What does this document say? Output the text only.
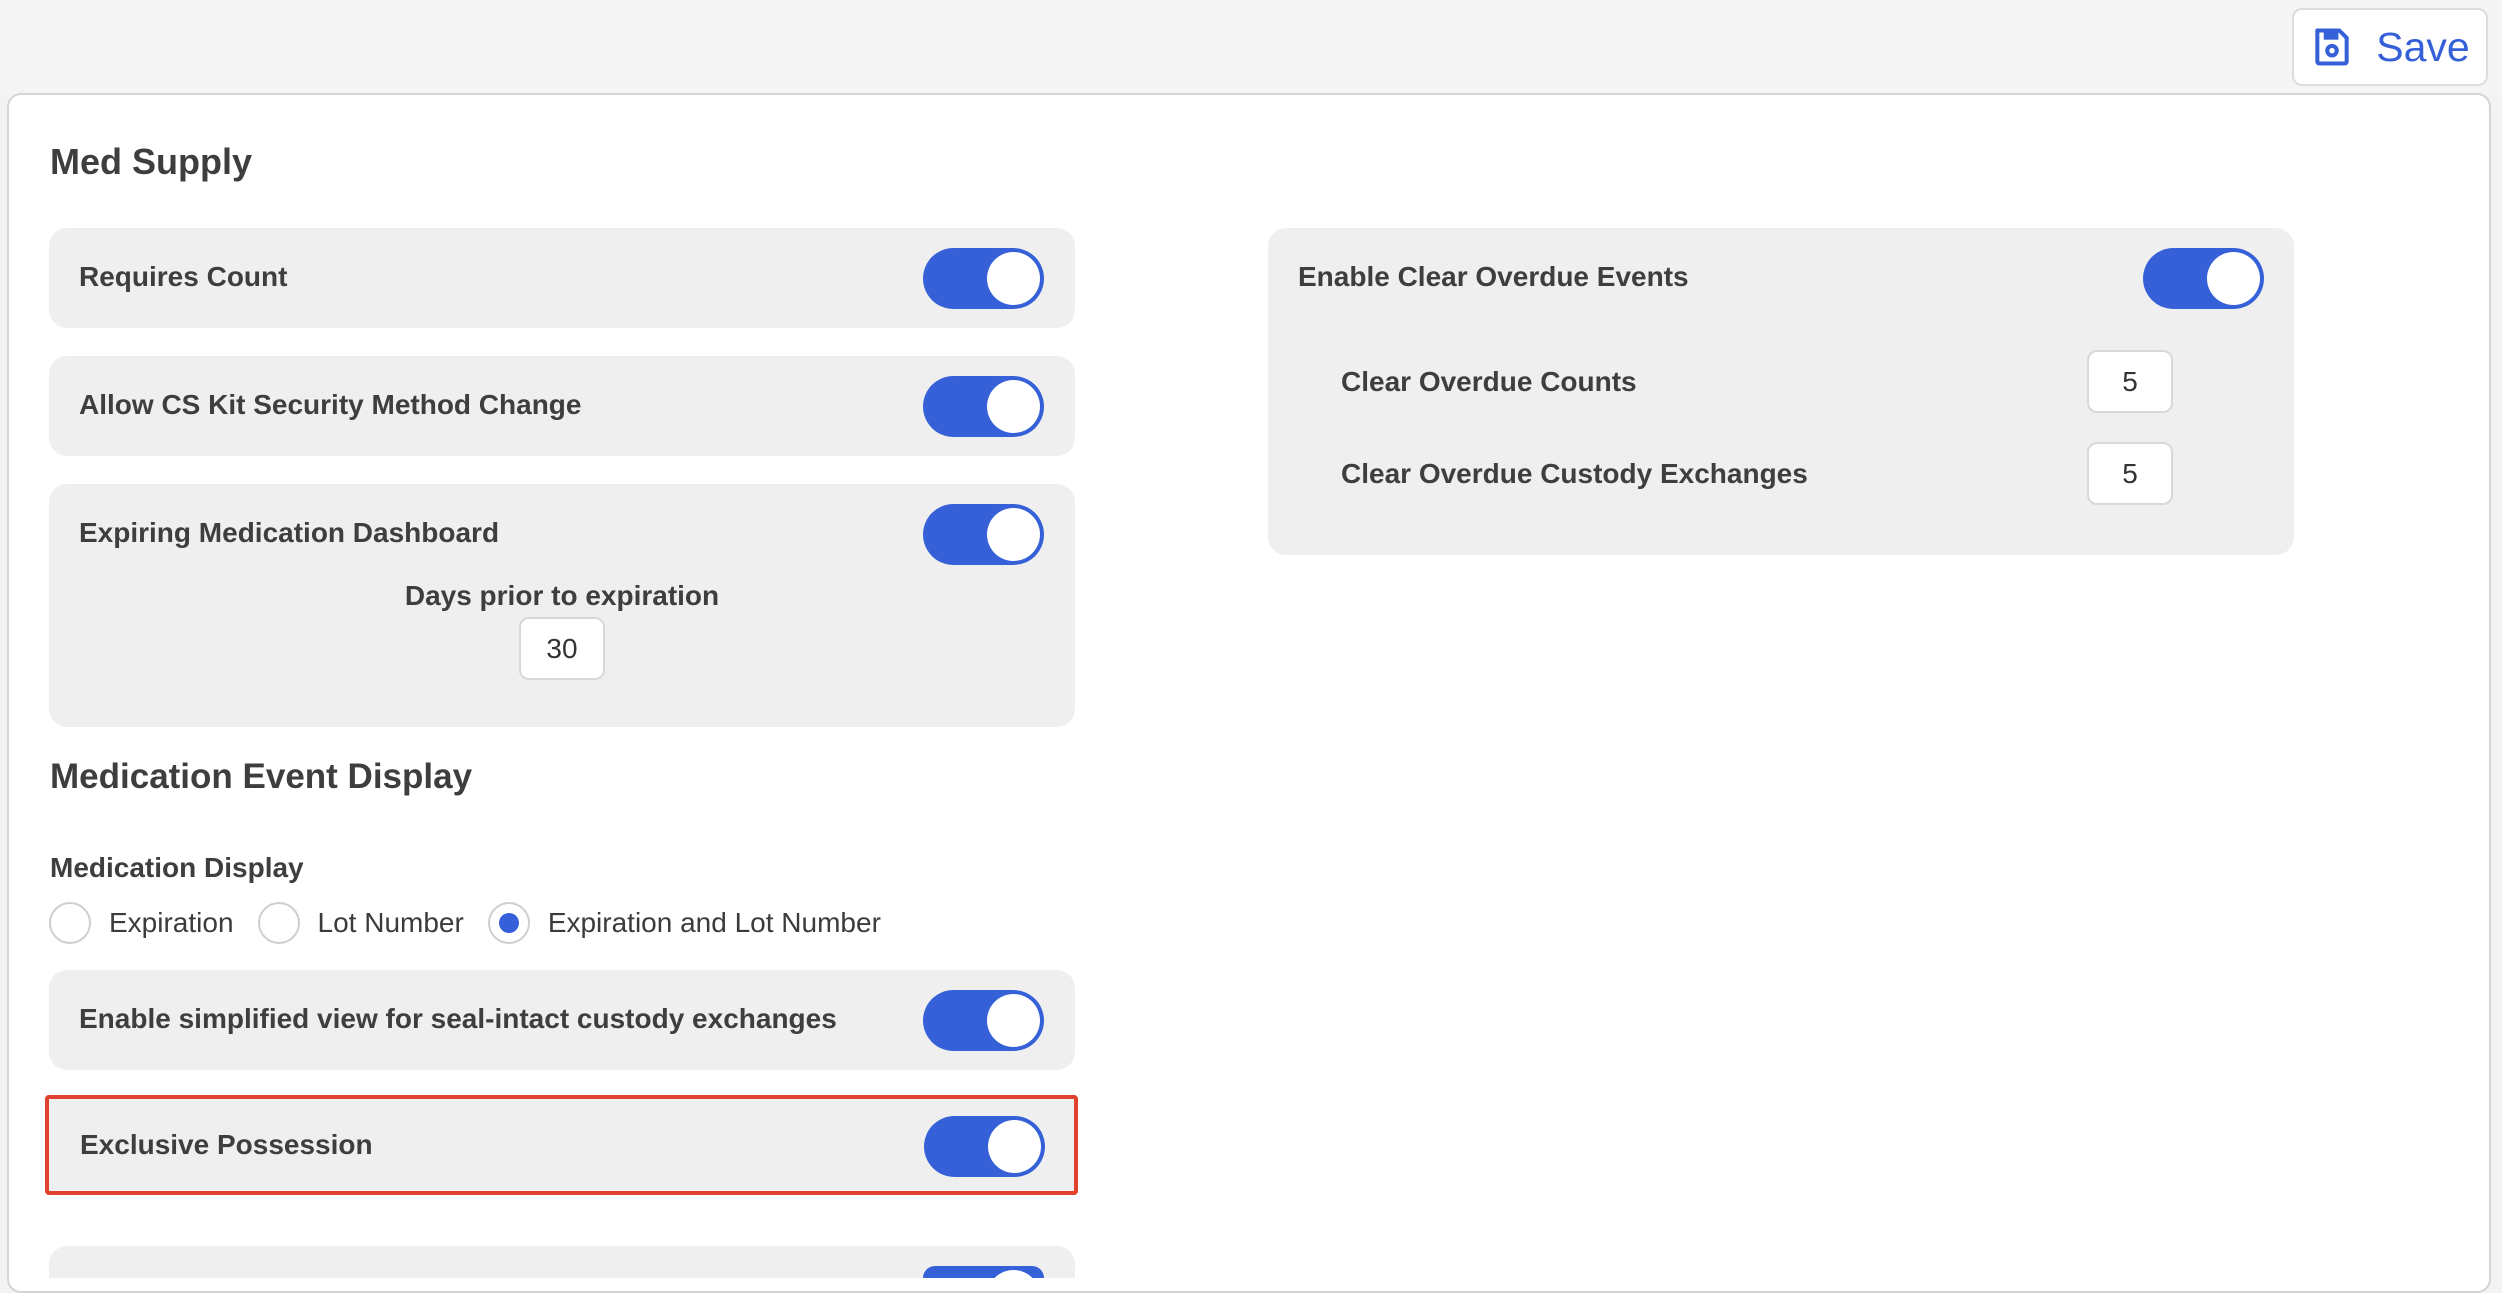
Save
Med Supply
Requires Count
Allow CS Kit Security Method Change
Expiring Medication Dashboard
Days prior to expiration
30
Enable Clear Overdue Events
Clear Overdue Counts
5
Clear Overdue Custody Exchanges
5
Medication Event Display
Medication Display
Expiration	Lot Number	Expiration and Lot Number
Enable simplified view for seal-intact custody exchanges
Exclusive Possession
